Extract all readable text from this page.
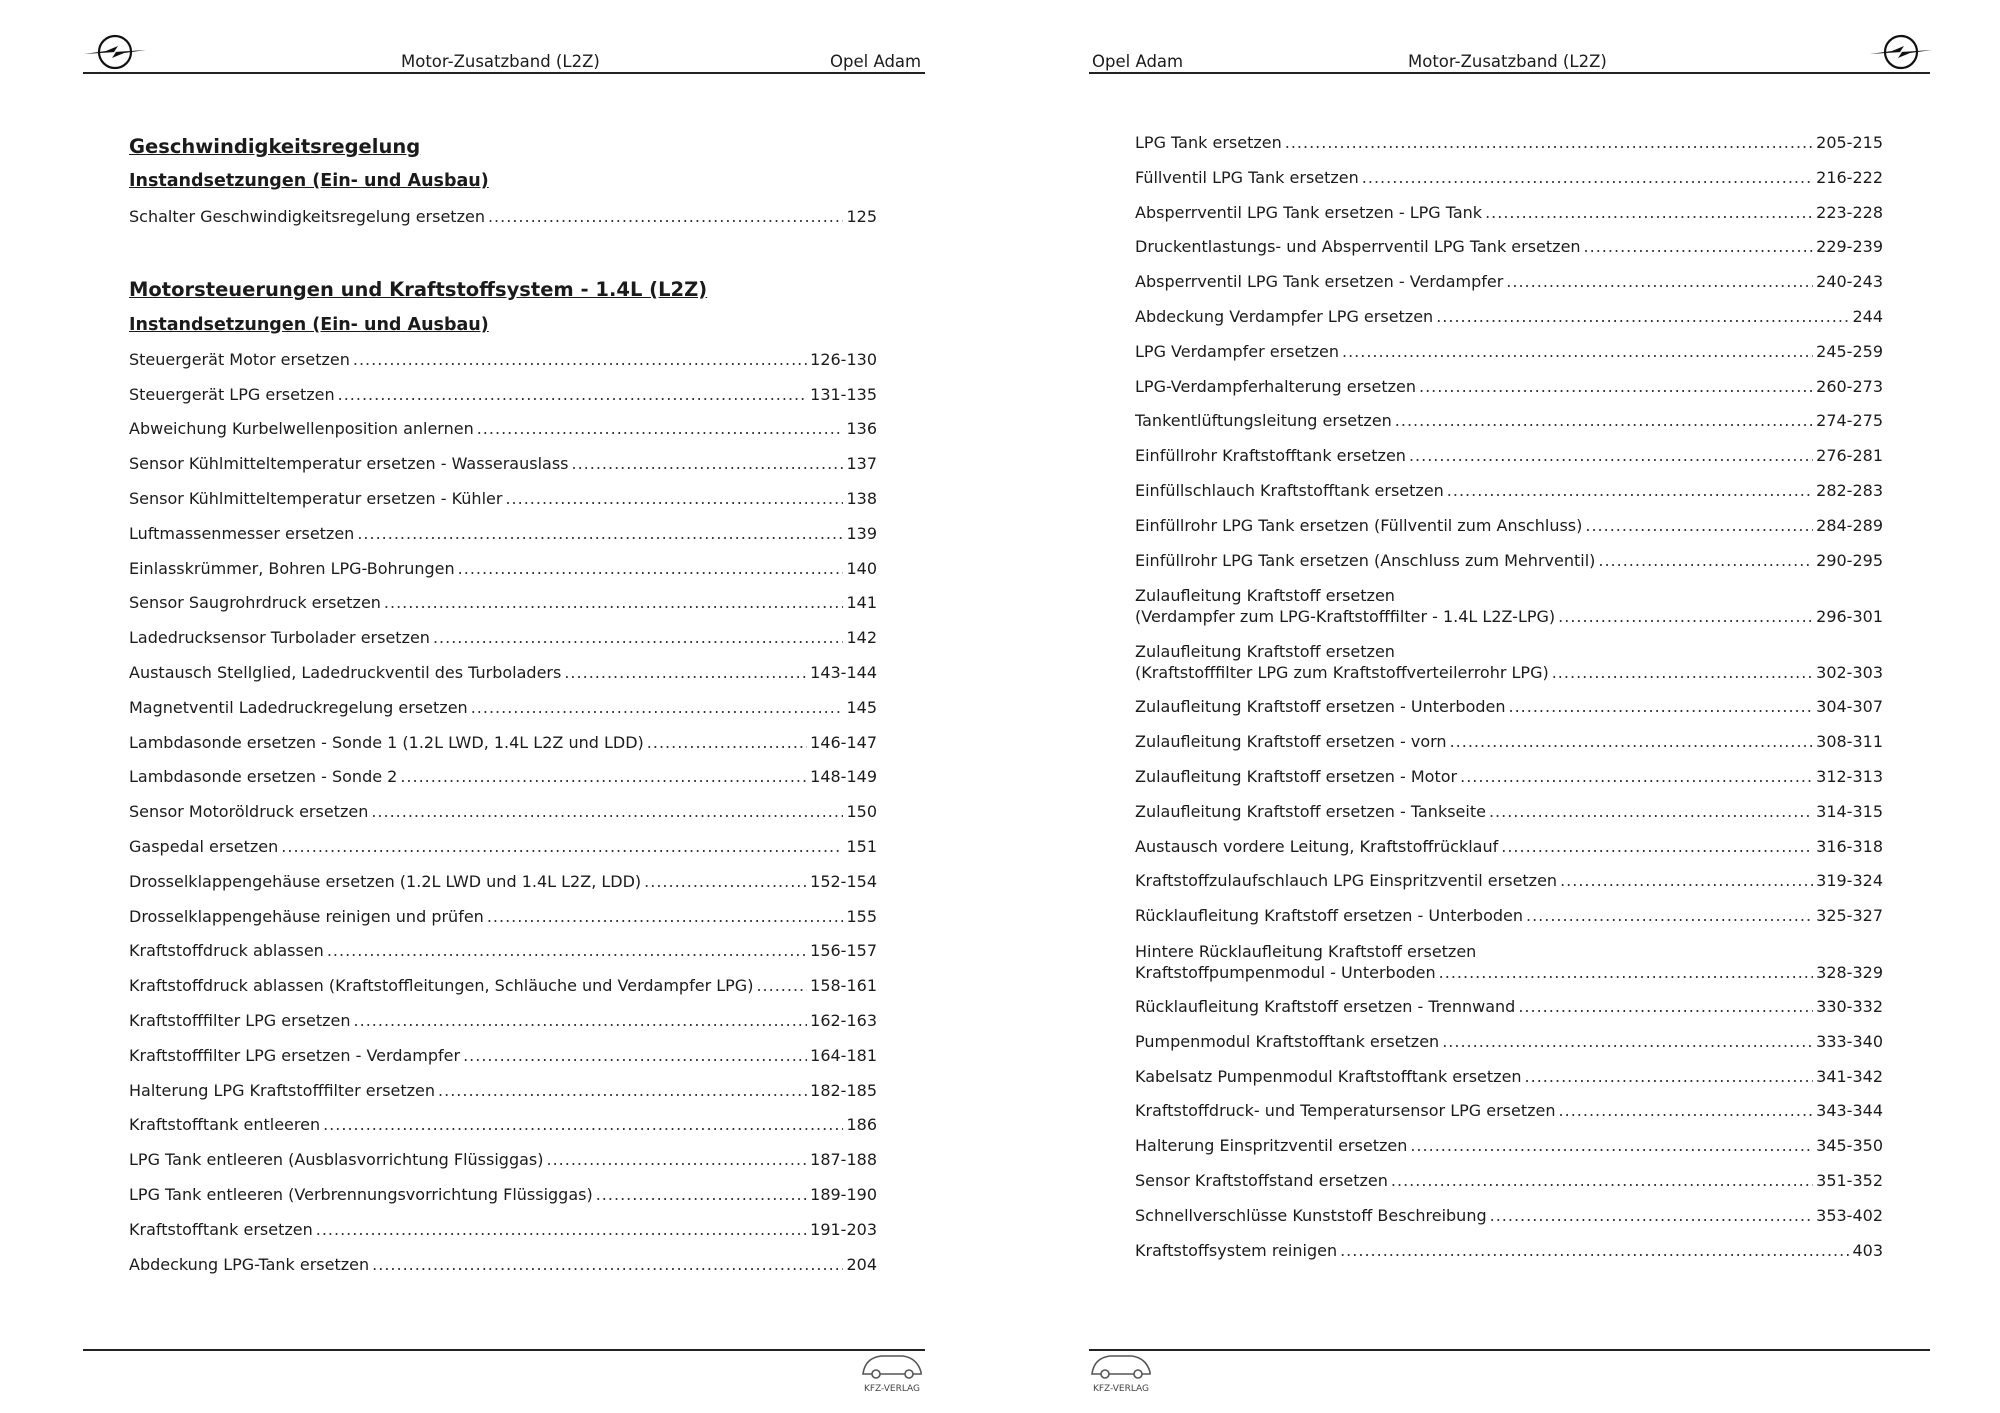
Motor-Zusatzband (L2Z)	Opel Adam
Geschwindigkeitsregelung
Instandsetzungen (Ein- und Ausbau)
Schalter Geschwindigkeitsregelung ersetzen .....	125
Motorsteuerungen und Kraftstoffsystem - 1.4L (L2Z)
Instandsetzungen (Ein- und Ausbau)
Steuergerät Motor ersetzen .....	126-130
Steuergerät LPG ersetzen .....	131-135
Abweichung Kurbelwellenposition anlernen .....	136
Sensor Kühlmitteltemperatur ersetzen - Wasserauslass .....	137
Sensor Kühlmitteltemperatur ersetzen - Kühler .....	138
Luftmassenmesser ersetzen .....	139
Einlasskrümmer, Bohren LPG-Bohrungen .....	140
Sensor Saugrohrdruck ersetzen .....	141
Ladedrucksensor Turbolader ersetzen .....	142
Austausch Stellglied, Ladedruckventil des Turboladers .....	143-144
Magnetventil Ladedruckregelung ersetzen .....	145
Lambdasonde ersetzen - Sonde 1 (1.2L LWD, 1.4L L2Z und LDD) .....	146-147
Lambdasonde ersetzen - Sonde 2 .....	148-149
Sensor Motoröldruck ersetzen .....	150
Gaspedal ersetzen .....	151
Drosselklappengehäuse ersetzen (1.2L LWD und 1.4L L2Z, LDD) .....	152-154
Drosselklappengehäuse reinigen und prüfen .....	155
Kraftstoffdruck ablassen .....	156-157
Kraftstoffdruck ablassen (Kraftstoffleitungen, Schläuche und Verdampfer LPG) .....	158-161
Kraftstofffilter LPG ersetzen .....	162-163
Kraftstofffilter LPG ersetzen - Verdampfer .....	164-181
Halterung LPG Kraftstofffilter ersetzen .....	182-185
Kraftstofftank entleeren .....	186
LPG Tank entleeren (Ausblasvorrichtung Flüssiggas) .....	187-188
LPG Tank entleeren (Verbrennungsvorrichtung Flüssiggas) .....	189-190
Kraftstofftank ersetzen .....	191-203
Abdeckung LPG-Tank ersetzen .....	204
KFZ-VERLAG
Opel Adam	Motor-Zusatzband (L2Z)
LPG Tank ersetzen .....	205-215
Füllventil LPG Tank ersetzen .....	216-222
Absperrventil LPG Tank ersetzen - LPG Tank .....	223-228
Druckentlastungs- und Absperrventil LPG Tank ersetzen .....	229-239
Absperrventil LPG Tank ersetzen - Verdampfer .....	240-243
Abdeckung Verdampfer LPG ersetzen .....	244
LPG Verdampfer ersetzen .....	245-259
LPG-Verdampferhalterung ersetzen .....	260-273
Tankentlüftungsleitung ersetzen .....	274-275
Einfüllrohr Kraftstofftank ersetzen .....	276-281
Einfüllschlauch Kraftstofftank ersetzen .....	282-283
Einfüllrohr LPG Tank ersetzen (Füllventil zum Anschluss) .....	284-289
Einfüllrohr LPG Tank ersetzen (Anschluss zum Mehrventil) .....	290-295
Zulaufleitung Kraftstoff ersetzen
(Verdampfer zum LPG-Kraftstofffilter - 1.4L L2Z-LPG) .....	296-301
Zulaufleitung Kraftstoff ersetzen
(Kraftstofffilter LPG zum Kraftstoffverteilerrohr LPG) .....	302-303
Zulaufleitung Kraftstoff ersetzen - Unterboden .....	304-307
Zulaufleitung Kraftstoff ersetzen - vorn .....	308-311
Zulaufleitung Kraftstoff ersetzen - Motor .....	312-313
Zulaufleitung Kraftstoff ersetzen - Tankseite .....	314-315
Austausch vordere Leitung, Kraftstoffrücklauf .....	316-318
Kraftstoffzulaufschlauch LPG Einspritzventil ersetzen .....	319-324
Rücklaufleitung Kraftstoff ersetzen - Unterboden .....	325-327
Hintere Rücklaufleitung Kraftstoff ersetzen
Kraftstoffpumpenmodul - Unterboden .....	328-329
Rücklaufleitung Kraftstoff ersetzen - Trennwand .....	330-332
Pumpenmodul Kraftstofftank ersetzen .....	333-340
Kabelsatz Pumpenmodul Kraftstofftank ersetzen .....	341-342
Kraftstoffdruck- und Temperatursensor LPG ersetzen .....	343-344
Halterung Einspritzventil ersetzen .....	345-350
Sensor Kraftstoffstand ersetzen .....	351-352
Schnellverschlüsse Kunststoff Beschreibung .....	353-402
Kraftstoffsystem reinigen .....	403
KFZ-VERLAG
